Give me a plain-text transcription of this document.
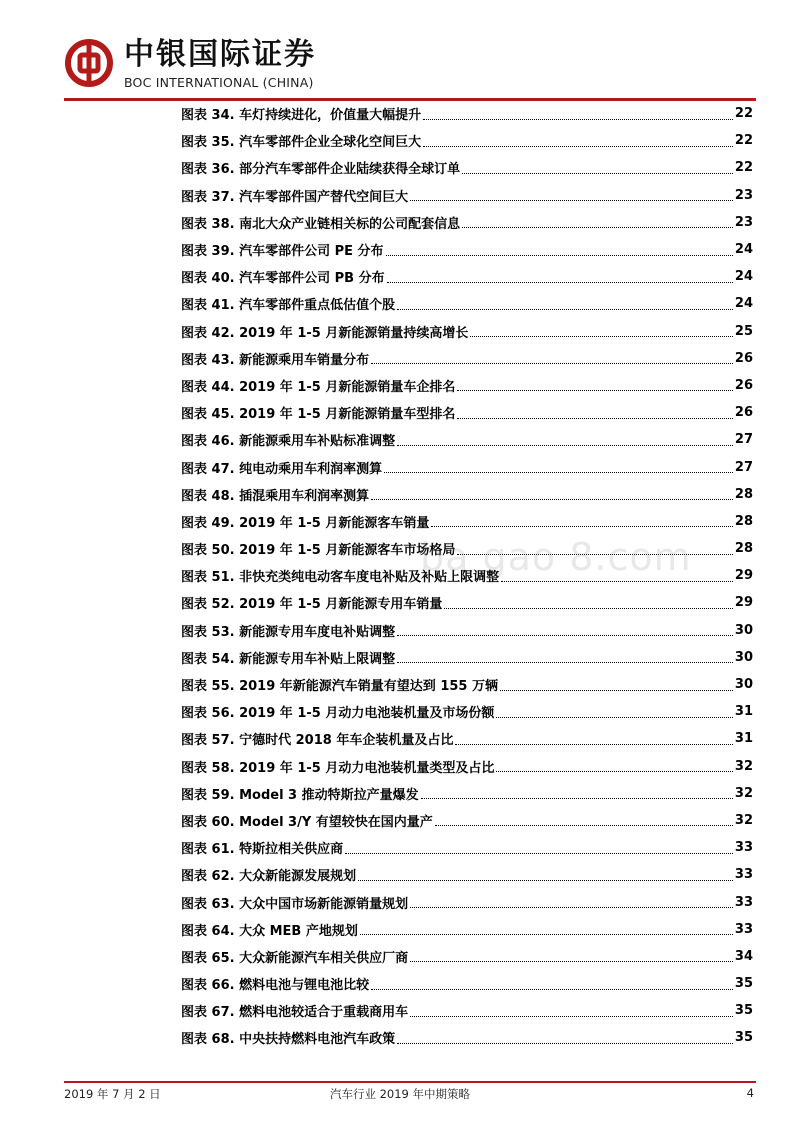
中银国际证券
BOC INTERNATIONAL (CHINA)
图表 34. 车灯持续进化，价值量大幅提升	22
图表 35. 汽车零部件企业全球化空间巨大	22
图表 36. 部分汽车零部件企业陆续获得全球订单	22
图表 37. 汽车零部件国产替代空间巨大	23
图表 38. 南北大众产业链相关标的公司配套信息	23
图表 39. 汽车零部件公司 PE 分布	24
图表 40. 汽车零部件公司 PB 分布	24
图表 41. 汽车零部件重点低估值个股	24
图表 42. 2019 年 1-5 月新能源销量持续高增长	25
图表 43. 新能源乘用车销量分布	26
图表 44. 2019 年 1-5 月新能源销量车企排名	26
图表 45. 2019 年 1-5 月新能源销量车型排名	26
图表 46. 新能源乘用车补贴标准调整	27
图表 47. 纯电动乘用车利润率测算	27
图表 48. 插混乘用车利润率测算	28
图表 49. 2019 年 1-5 月新能源客车销量	28
图表 50. 2019 年 1-5 月新能源客车市场格局	28
图表 51. 非快充类纯电动客车度电补贴及补贴上限调整	29
图表 52. 2019 年 1-5 月新能源专用车销量	29
图表 53. 新能源专用车度电补贴调整	30
图表 54. 新能源专用车补贴上限调整	30
图表 55. 2019 年新能源汽车销量有望达到 155 万辆	30
图表 56. 2019 年 1-5 月动力电池装机量及市场份额	31
图表 57. 宁德时代 2018 年车企装机量及占比	31
图表 58. 2019 年 1-5 月动力电池装机量类型及占比	32
图表 59. Model 3 推动特斯拉产量爆发	32
图表 60. Model 3/Y 有望较快在国内量产	32
图表 61. 特斯拉相关供应商	33
图表 62. 大众新能源发展规划	33
图表 63. 大众中国市场新能源销量规划	33
图表 64. 大众 MEB 产地规划	33
图表 65. 大众新能源汽车相关供应厂商	34
图表 66. 燃料电池与锂电池比较	35
图表 67. 燃料电池较适合于重载商用车	35
图表 68. 中央扶持燃料电池汽车政策	35
ba gao 8.com
2019 年 7 月 2 日	汽车行业 2019 年中期策略	4
